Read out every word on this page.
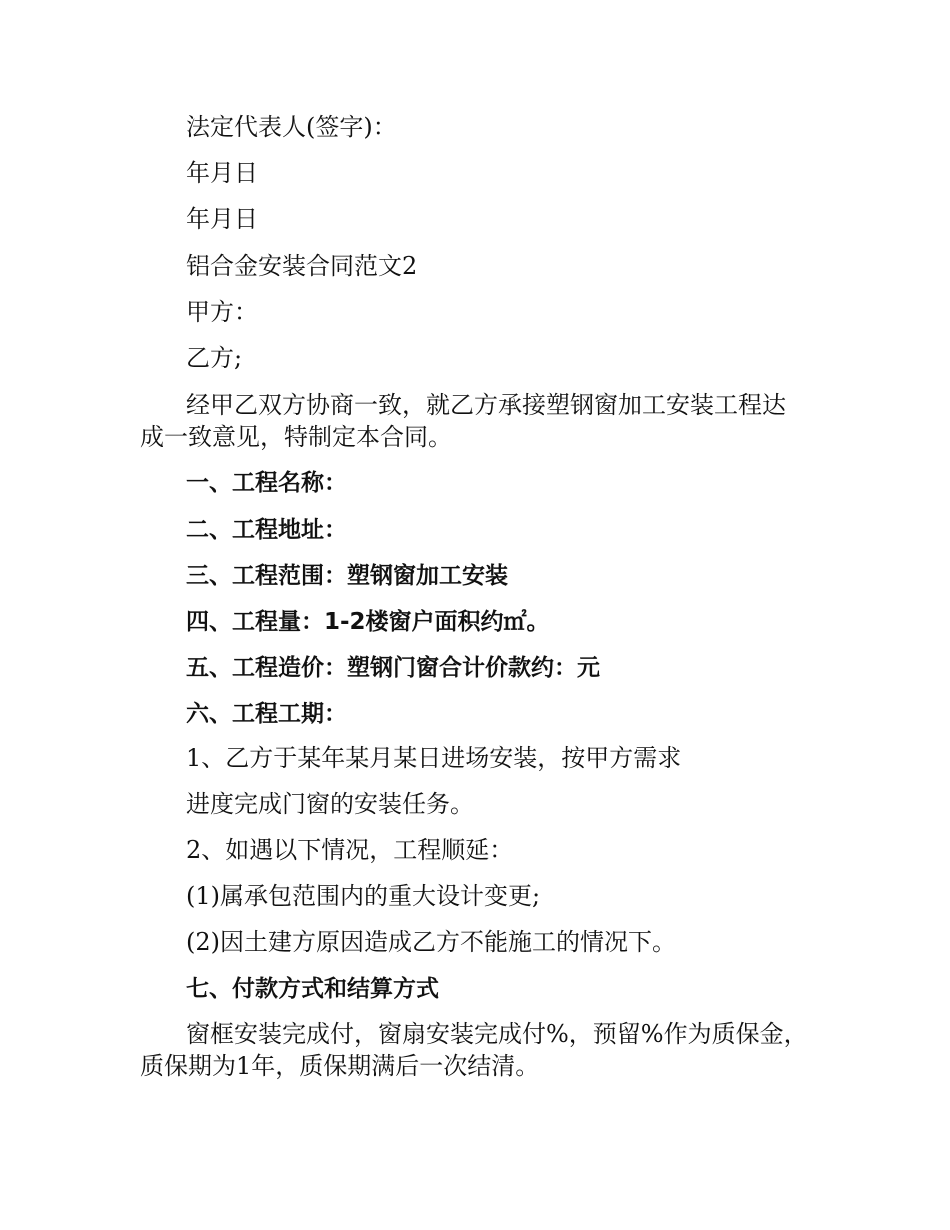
法定代表人(签字)：
年月日
年月日
铝合金安装合同范文2
甲方：
乙方;
经甲乙双方协商一致，就乙方承接塑钢窗加工安装工程达
成一致意见，特制定本合同。
一、工程名称：
二、工程地址：
三、工程范围：塑钢窗加工安装
四、工程量：1-2楼窗户面积约㎡。
五、工程造价：塑钢门窗合计价款约：元
六、工程工期：
1、乙方于某年某月某日进场安装，按甲方需求
进度完成门窗的安装任务。
2、如遇以下情况，工程顺延：
(1)属承包范围内的重大设计变更;
(2)因土建方原因造成乙方不能施工的情况下。
七、付款方式和结算方式
窗框安装完成付，窗扇安装完成付%，预留%作为质保金，
质保期为1年，质保期满后一次结清。
